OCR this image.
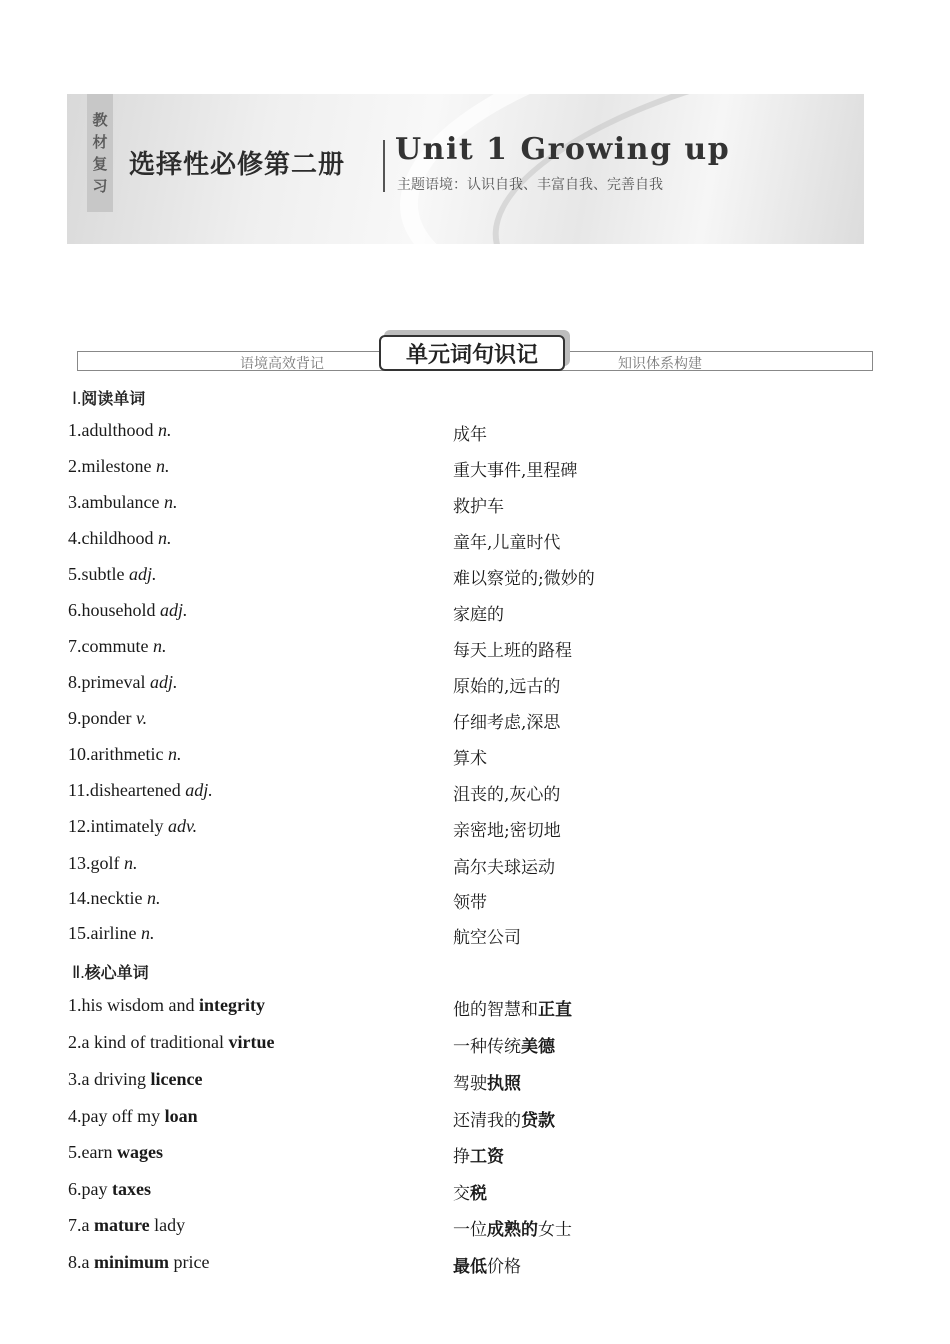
教
材
复
习
选择性必修第二册 Unit 1 Growing up
主题语境：认识自我、丰富自我、完善自我
语境高效背记	知识体系构建
单元词句识记
Ⅰ.阅读单词
1.adulthood n.	成年
2.milestone n.	重大事件,里程碑
3.ambulance n.	救护车
4.childhood n.	童年,儿童时代
5.subtle adj.	难以察觉的;微妙的
6.household adj.	家庭的
7.commute n.	每天上班的路程
8.primeval adj.	原始的,远古的
9.ponder v.	仔细考虑,深思
10.arithmetic n.	算术
11.disheartened adj.	沮丧的,灰心的
12.intimately adv.	亲密地;密切地
13.golf n.	高尔夫球运动
14.necktie n.	领带
15.airline n.	航空公司
Ⅱ.核心单词
1.his wisdom and integrity	他的智慧和正直
2.a kind of traditional virtue	一种传统美德
3.a driving licence	驾驶执照
4.pay off my loan	还清我的贷款
5.earn wages	挣工资
6.pay taxes	交税
7.a mature lady	一位成熟的女士
8.a minimum price	最低价格
